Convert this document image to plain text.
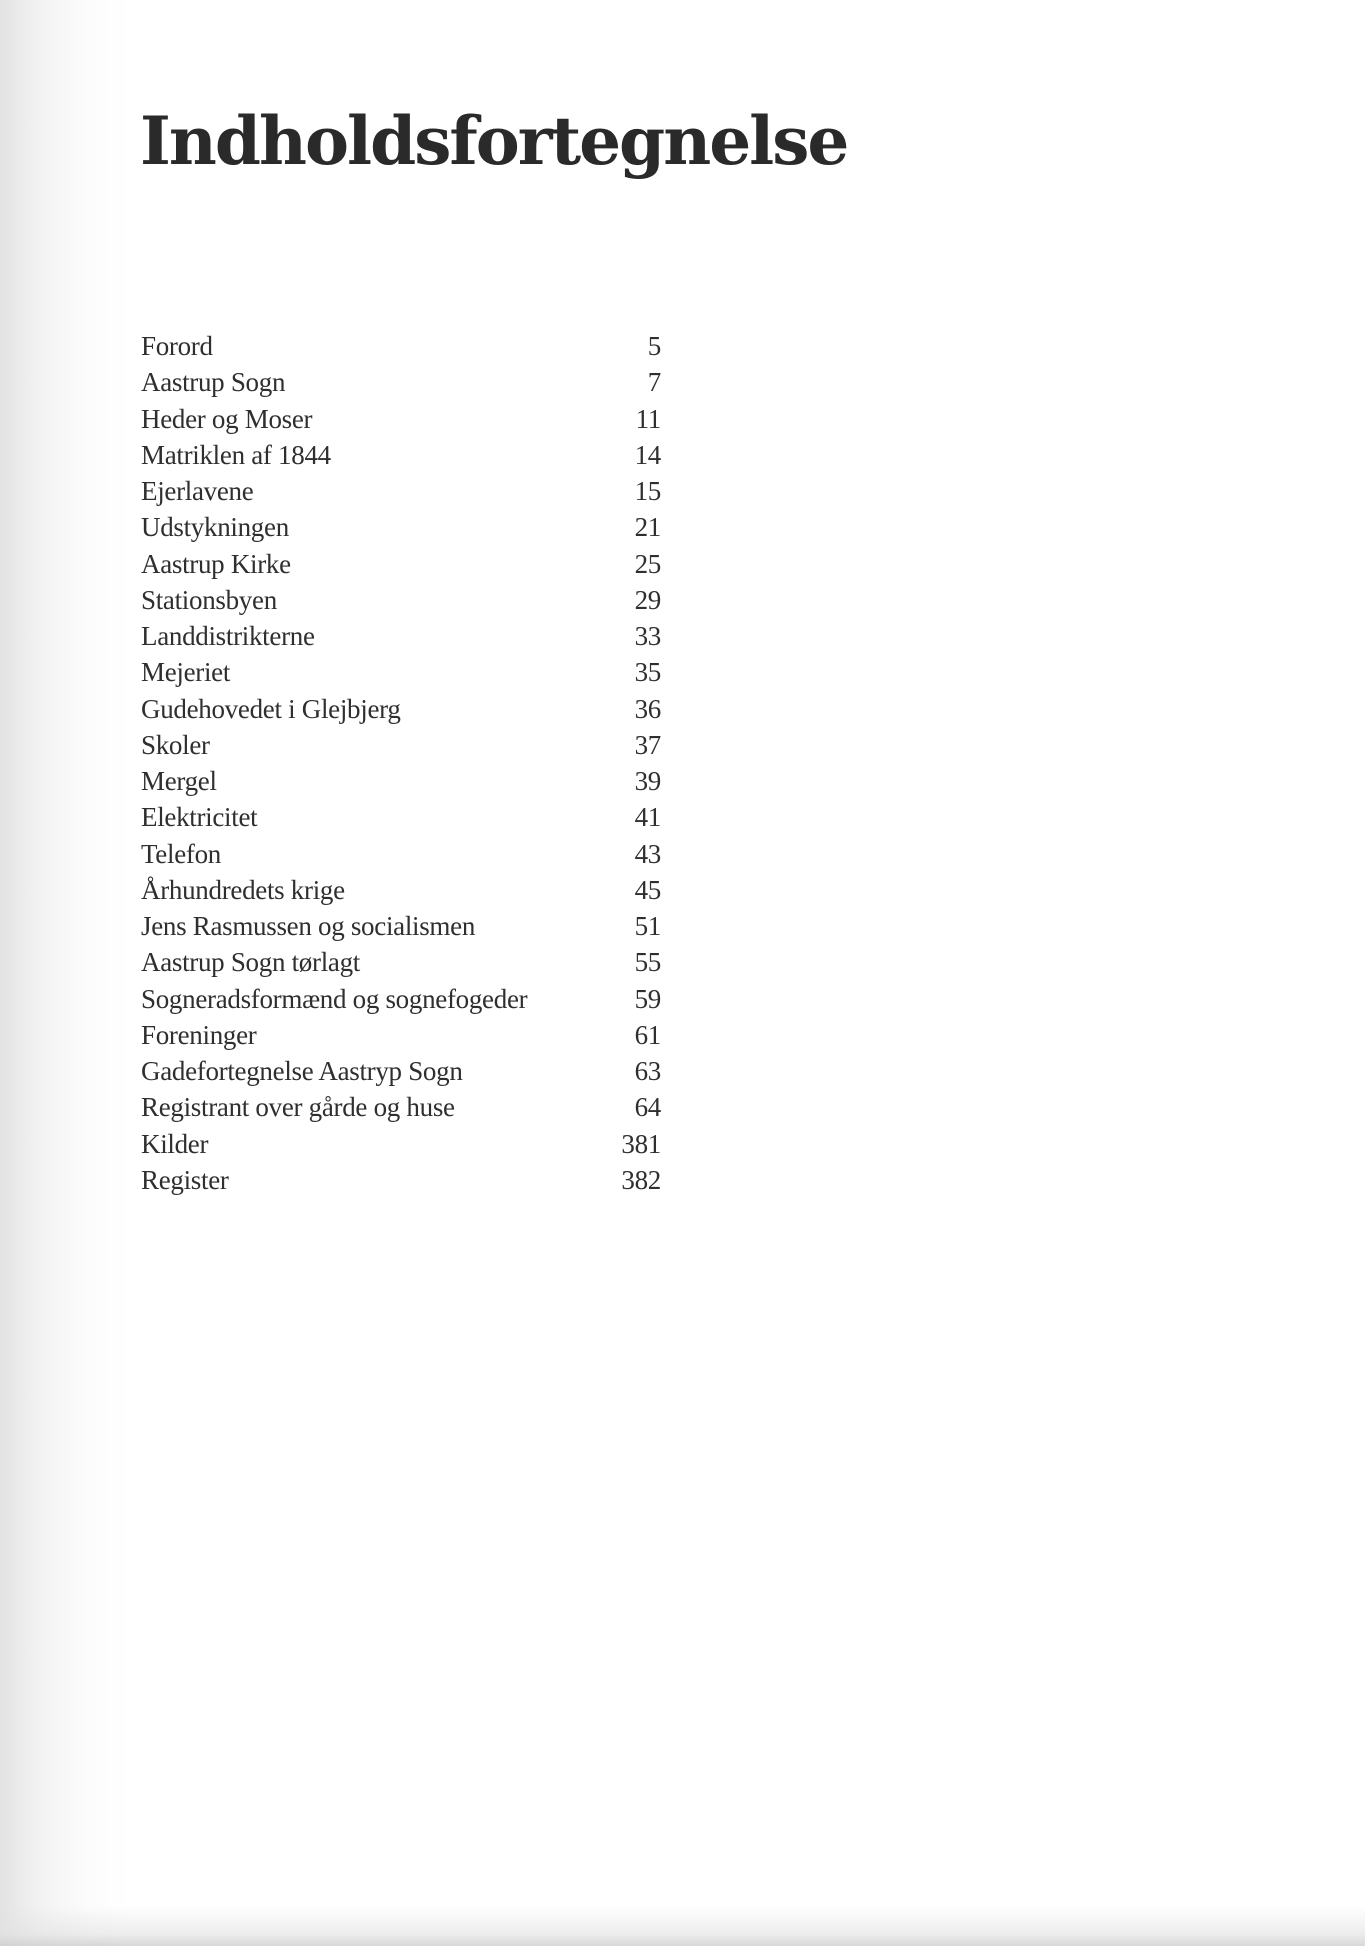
Indholdsfortegnelse
Forord	5
Aastrup Sogn	7
Heder og Moser	11
Matriklen af 1844	14
Ejerlavene	15
Udstykningen	21
Aastrup Kirke	25
Stationsbyen	29
Landdistrikterne	33
Mejeriet	35
Gudehovedet i Glejbjerg	36
Skoler	37
Mergel	39
Elektricitet	41
Telefon	43
Århundredets krige	45
Jens Rasmussen og socialismen	51
Aastrup Sogn tørlagt	55
Sogneradsformænd og sognefogeder	59
Foreninger	61
Gadefortegnelse Aastryp Sogn	63
Registrant over gårde og huse	64
Kilder	381
Register	382
